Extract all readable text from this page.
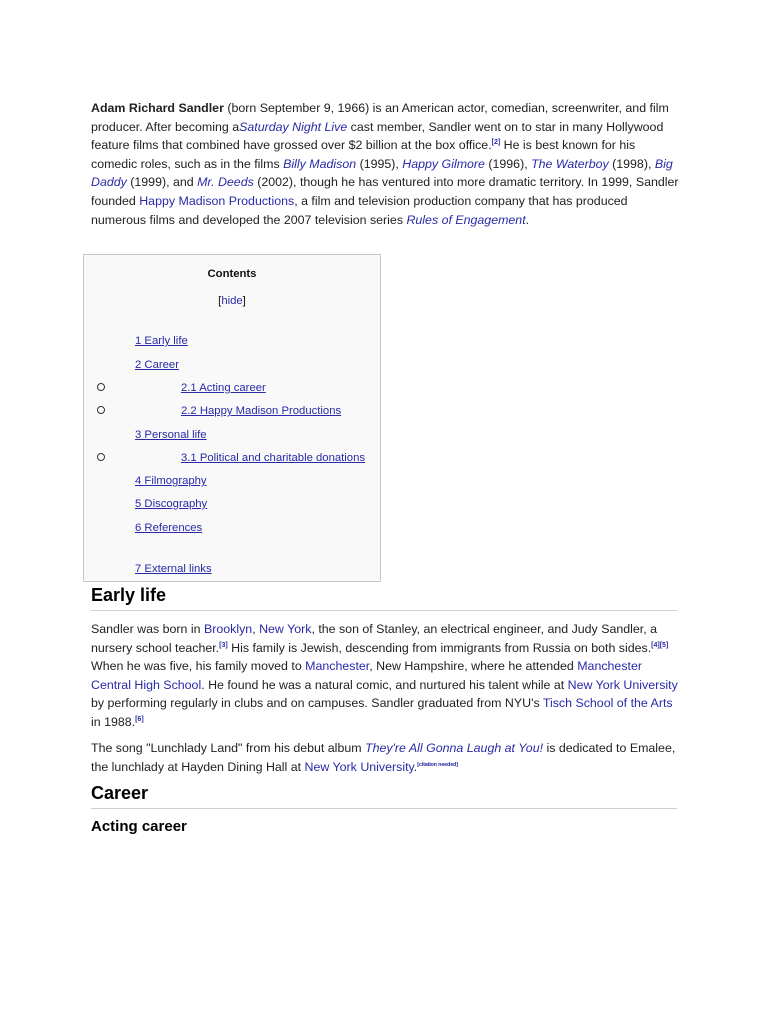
Adam Richard Sandler (born September 9, 1966) is an American actor, comedian, screenwriter, and film producer. After becoming aSaturday Night Live cast member, Sandler went on to star in many Hollywood feature films that combined have grossed over $2 billion at the box office.[2] He is best known for his comedic roles, such as in the films Billy Madison (1995), Happy Gilmore (1996), The Waterboy (1998), Big Daddy (1999), and Mr. Deeds (2002), though he has ventured into more dramatic territory. In 1999, Sandler founded Happy Madison Productions, a film and television production company that has produced numerous films and developed the 2007 television series Rules of Engagement.

Contents
[hide]
1 Early life
2 Career
2.1 Acting career
2.2 Happy Madison Productions
3 Personal life
3.1 Political and charitable donations
4 Filmography
5 Discography
6 References
7 External links
Early life

Sandler was born in Brooklyn, New York, the son of Stanley, an electrical engineer, and Judy Sandler, a nursery school teacher.[3] His family is Jewish, descending from immigrants from Russia on both sides.[4][5] When he was five, his family moved to Manchester, New Hampshire, where he attended Manchester Central High School. He found he was a natural comic, and nurtured his talent while at New York University by performing regularly in clubs and on campuses. Sandler graduated from NYU's Tisch School of the Arts in 1988.[6]

The song "Lunchlady Land" from his debut album They're All Gonna Laugh at You! is dedicated to Emalee, the lunchlady at Hayden Dining Hall at New York University.[citation needed]

Career
Acting career
